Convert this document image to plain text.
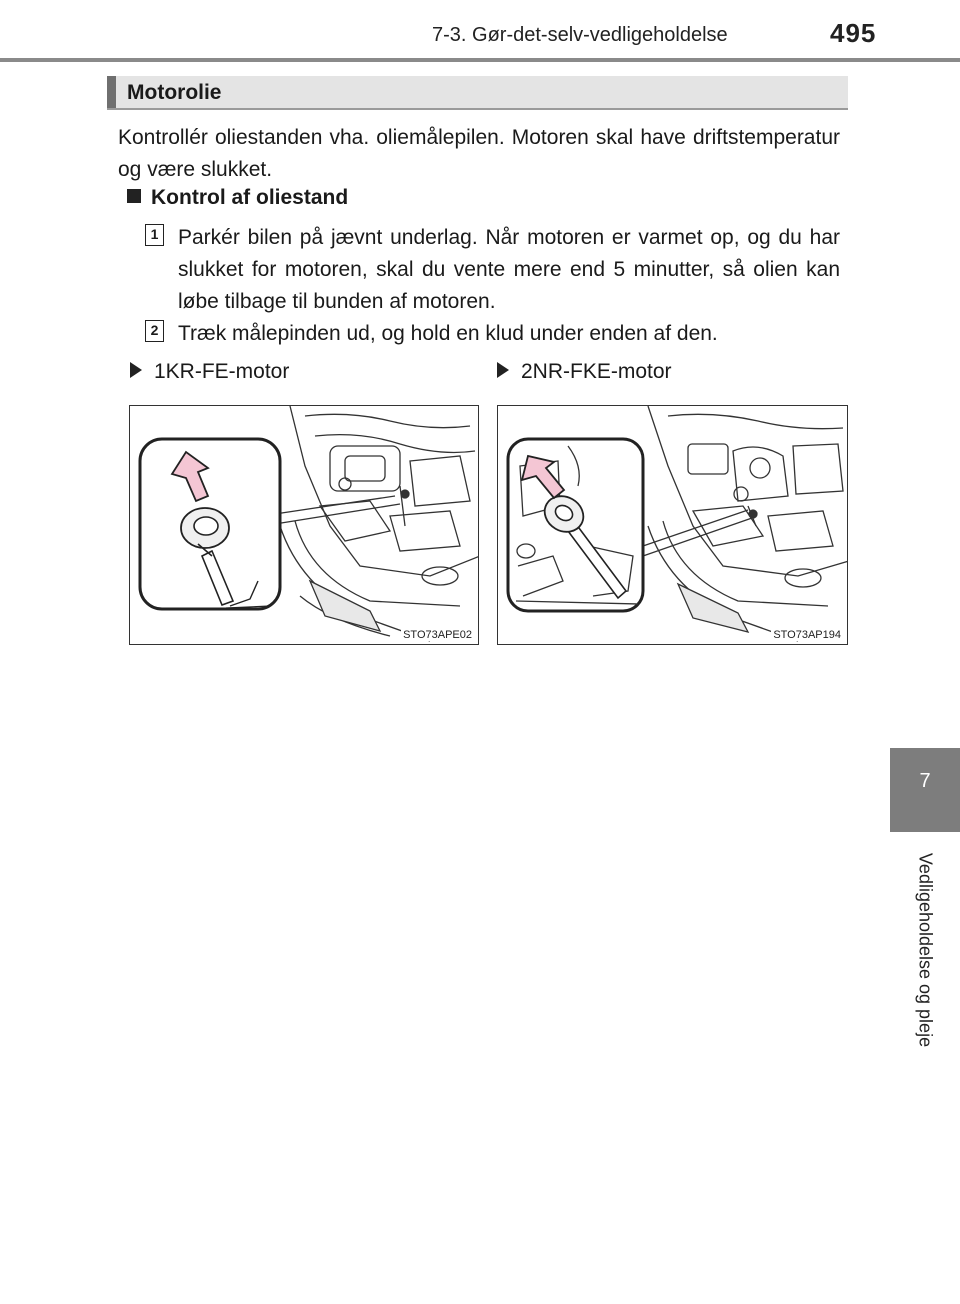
7-3. Gør-det-selv-vedligeholdelse	495
7
Vedligeholdelse og pleje
Motorolie

Kontrollér oliestanden vha. oliemålepilen. Motoren skal have driftstemperatur og være slukket.

Kontrol af oliestand
1 Parkér bilen på jævnt underlag. Når motoren er varmet op, og du har slukket for motoren, skal du vente mere end 5 minutter, så olien kan løbe tilbage til bunden af motoren.

2 Træk målepinden ud, og hold en klud under enden af den.

1KR-FE-motor	2NR-FKE-motor
STO73APE02	STO73AP194
